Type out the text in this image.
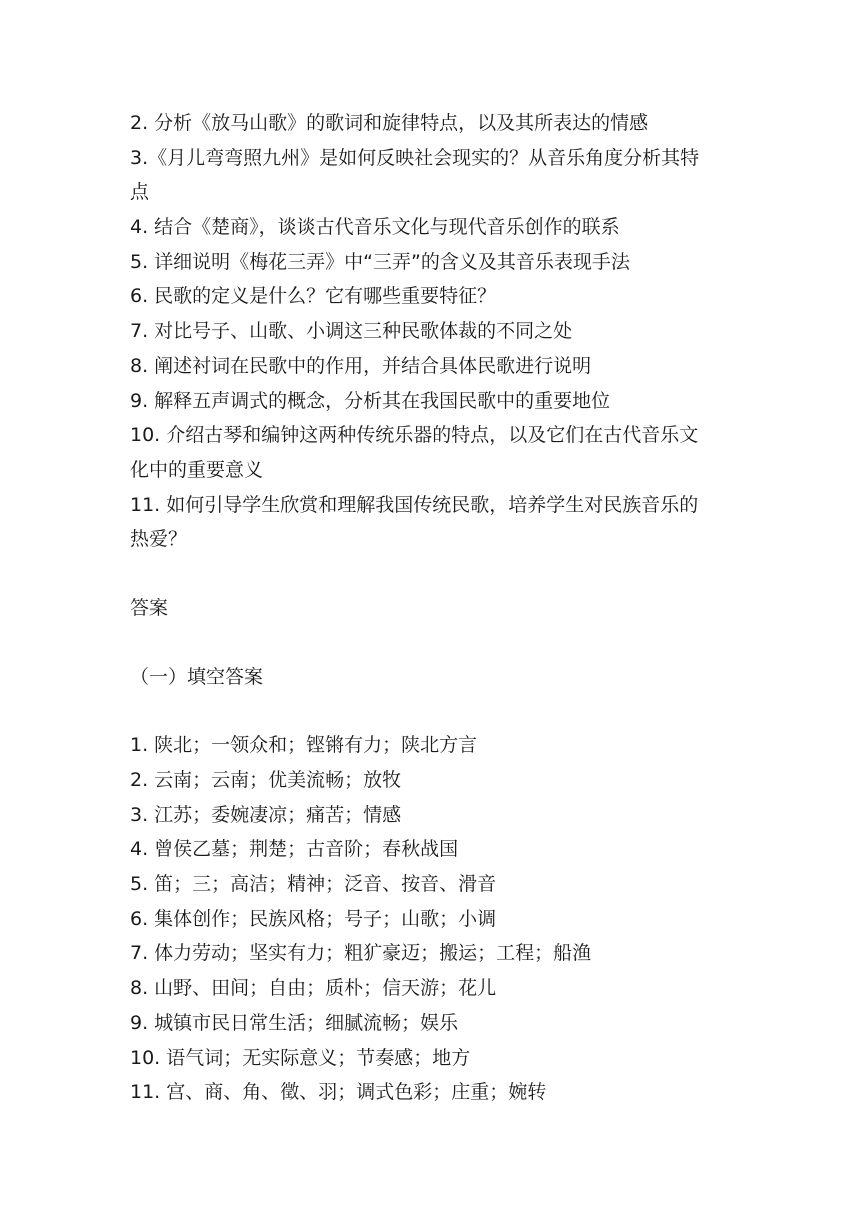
2. 分析《放马山歌》的歌词和旋律特点，以及其所表达的情感
3.《月儿弯弯照九州》是如何反映社会现实的？从音乐角度分析其特
点
4. 结合《楚商》，谈谈古代音乐文化与现代音乐创作的联系
5. 详细说明《梅花三弄》中“三弄”的含义及其音乐表现手法
6. 民歌的定义是什么？它有哪些重要特征？
7. 对比号子、山歌、小调这三种民歌体裁的不同之处
8. 阐述衬词在民歌中的作用，并结合具体民歌进行说明
9. 解释五声调式的概念，分析其在我国民歌中的重要地位
10. 介绍古琴和编钟这两种传统乐器的特点，以及它们在古代音乐文
化中的重要意义
11. 如何引导学生欣赏和理解我国传统民歌，培养学生对民族音乐的
热爱？
答案
（一）填空答案
1. 陕北；一领众和；铿锵有力；陕北方言
2. 云南；云南；优美流畅；放牧
3. 江苏；委婉凄凉；痛苦；情感
4. 曾侯乙墓；荆楚；古音阶；春秋战国
5. 笛；三；高洁；精神；泛音、按音、滑音
6. 集体创作；民族风格；号子；山歌；小调
7. 体力劳动；坚实有力；粗犷豪迈；搬运；工程；船渔
8. 山野、田间；自由；质朴；信天游；花儿
9. 城镇市民日常生活；细腻流畅；娱乐
10. 语气词；无实际意义；节奏感；地方
11. 宫、商、角、徵、羽；调式色彩；庄重；婉转
